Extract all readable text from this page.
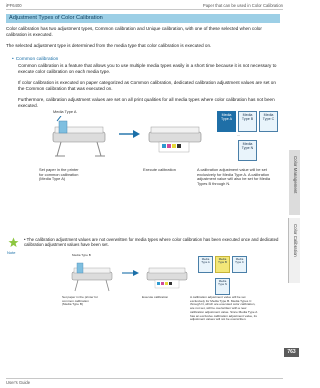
iPF6400	Paper that can be used in Color Calibration
Adjustment Types of Color Calibration
Color calibration has two adjustment types, Common calibration and Unique calibration, with one of these selected when color calibration is executed.
The selected adjustment type is determined from the media type that color calibration is executed on.
• Common calibration
Common calibration is a feature that allows you to use multiple media types easily in a short time because it is not necessary to execute color calibration on each media type.
If color calibration is executed on paper categorized as Common calibration, dedicated calibration adjustment values are set on the Common calibration that was executed on.
Furthermore, calibration adjustment values are set on all print qualities for all media types where color calibration has not been executed.
Media Type A
Media Type A
Media Type B
Media Type C
...
Media Type N
Set paper in the printer for common calibration (Media Type A)
Execute calibration	A calibration adjustment value will be set exclusively for Media Type A. A calibration adjustment value will also be set for Media Types B through N.
Note
• The calibration adjustment values are not overwritten for media types where color calibration has been executed once and dedicated calibration adjustment values have been set.
Media Type B
Media Type A
Media Type B
Media Type C
Media Type N
Set paper in the printer for common calibration (Media Type B)
Execute calibration	A calibration adjustment value will be set exclusively for Media Type B. Media Types C through N, which are executed color calibration, are not set, will be overwritten with a new calibration adjustment value. Since Media Type A has an exclusive calibration adjustment value, its adjustment values will not be overwritten.
Color Management
Color Calibration
763
User's Guide
